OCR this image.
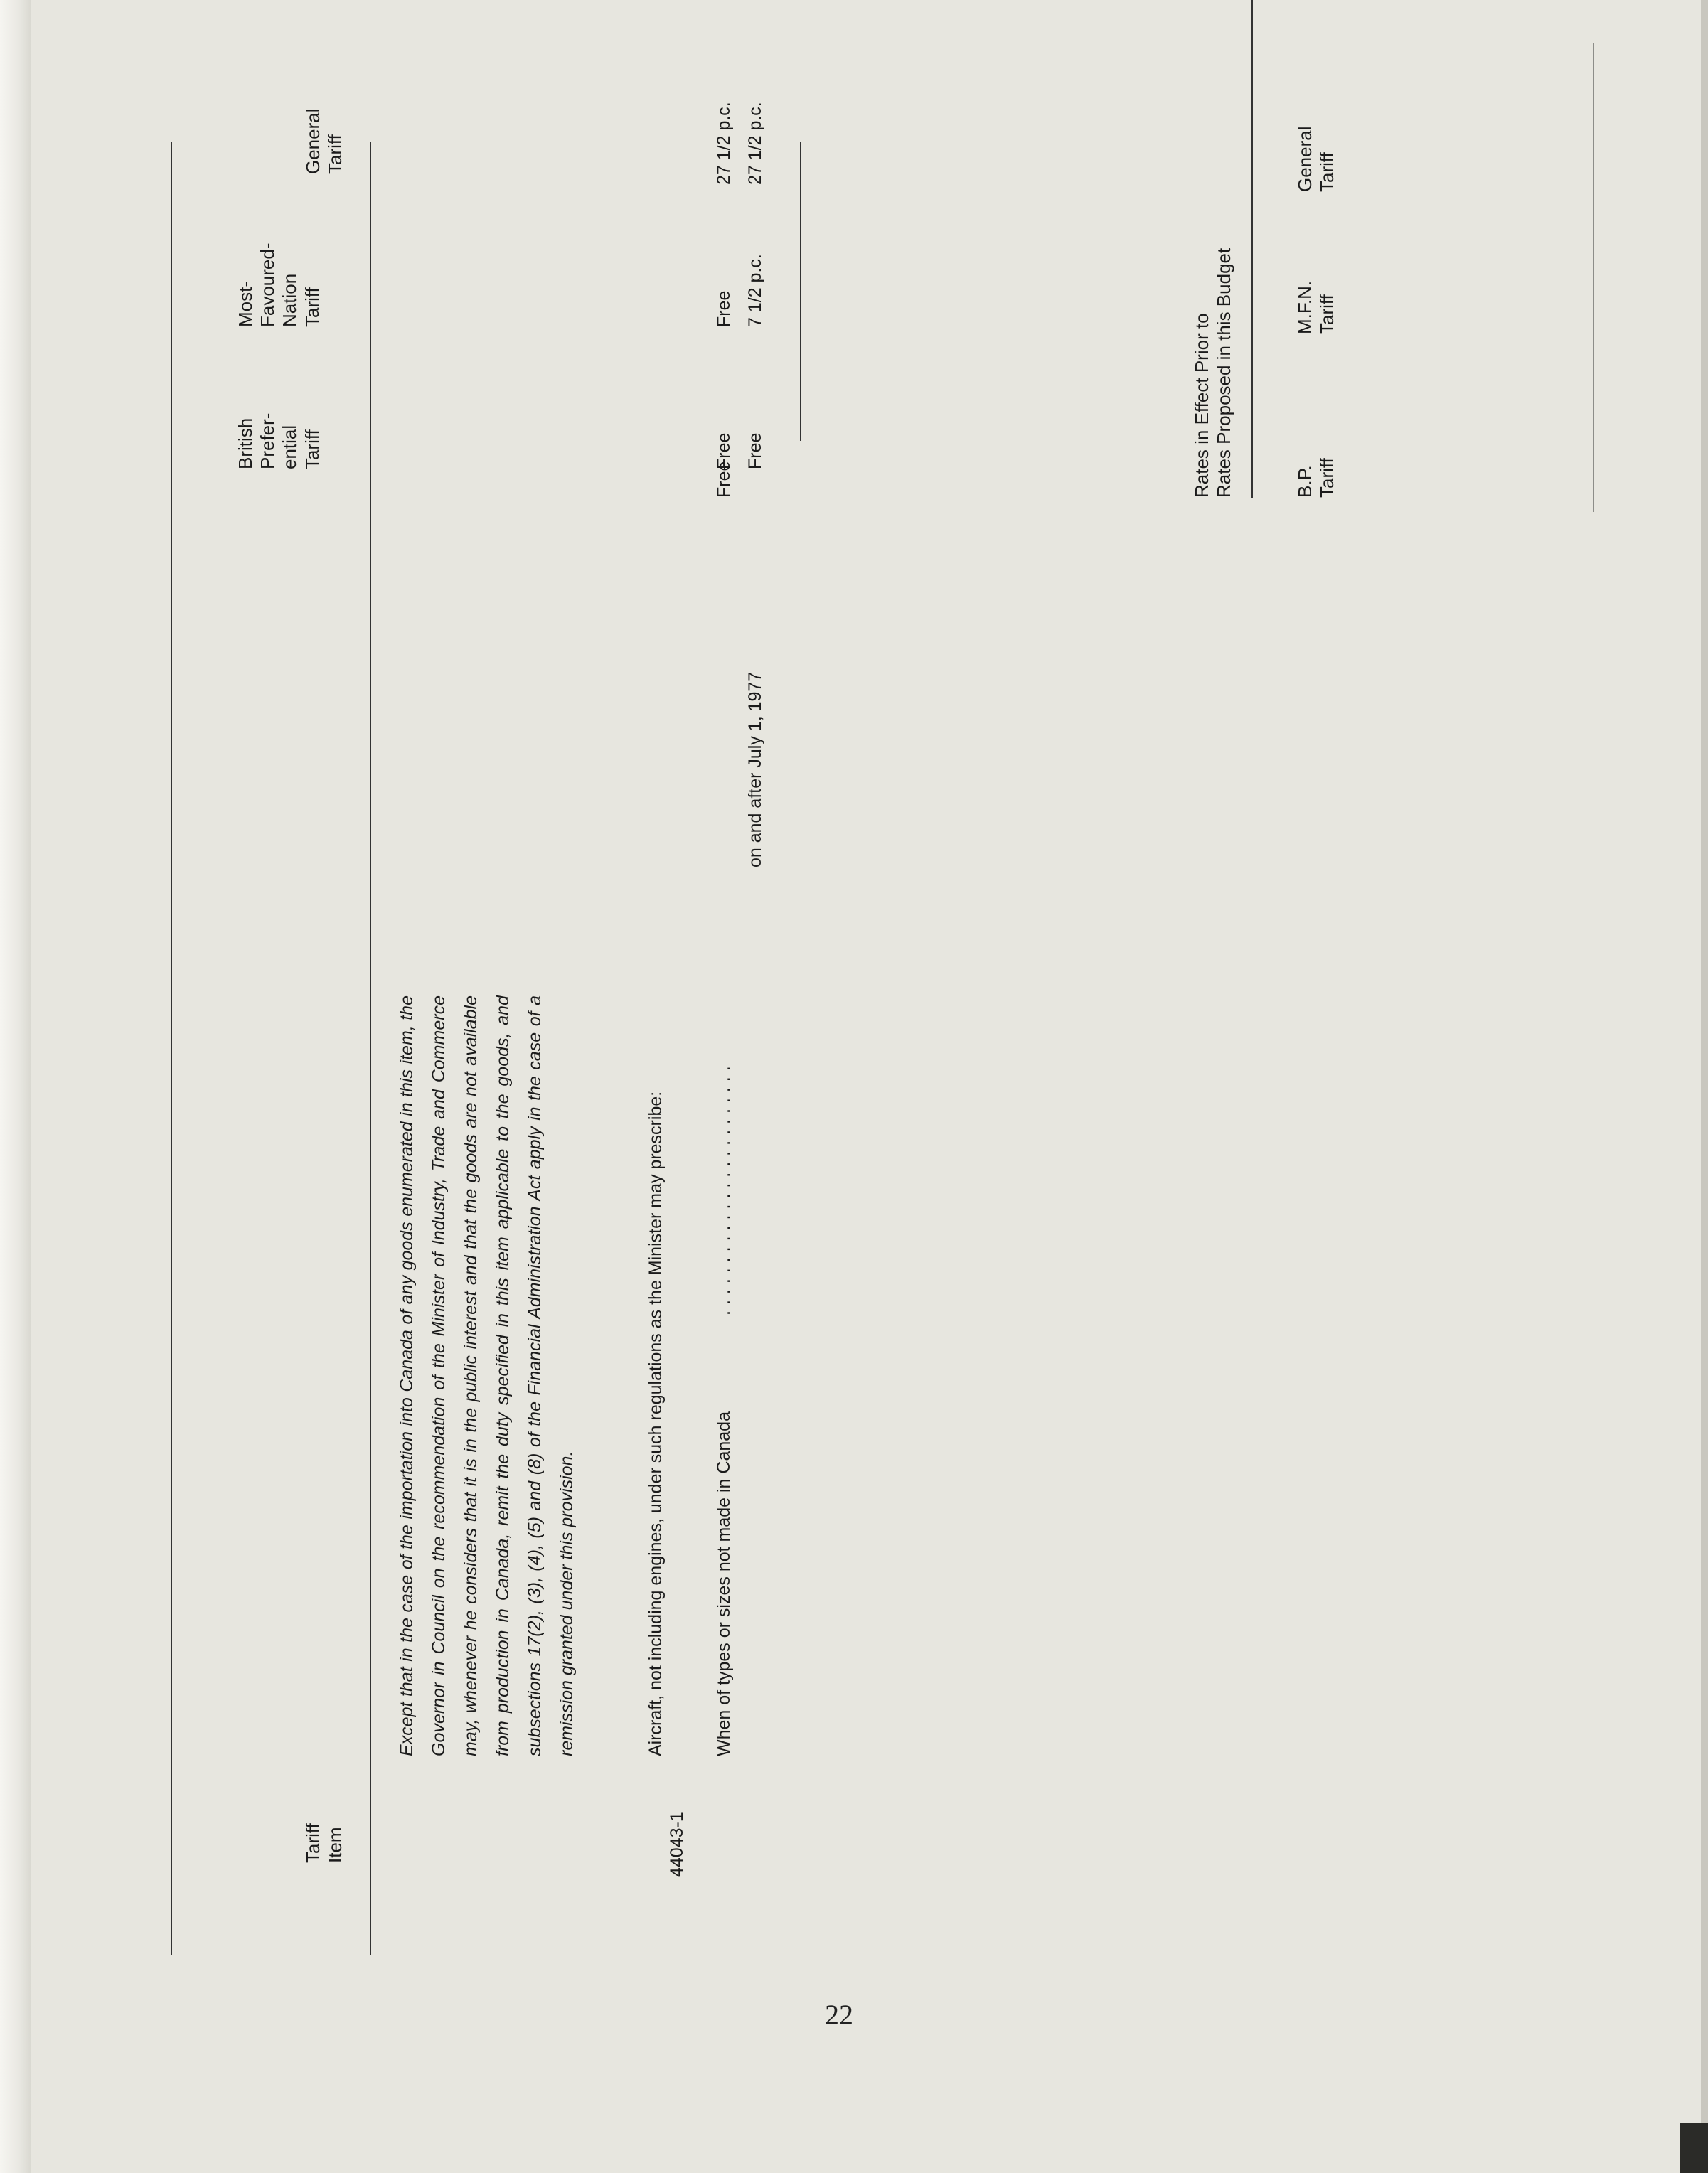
22
Tariff Item
British Prefer- ential Tariff
Most- Favoured- Nation Tariff
General Tariff
Rates in Effect Prior to Rates Proposed in this Budget	B.P. Tariff
M.F.N. Tariff
General Tariff
Except that in the case of the importation into Canada of any goods enumerated in this item, the Governor in Council on the recommendation of the Minister of Industry, Trade and Commerce may, whenever he considers that it is in the public interest and that the goods are not available from production in Canada, remit the duty specified in this item applicable to the goods, and subsections 17(2), (3), (4), (5) and (8) of the Financial Administration Act apply in the case of a remission granted under this provision.
44043-1
Aircraft, not including engines, under such regulations as the Minister may prescribe:	When of types or sizes not made in Canada
........................
Free
Free
27 1/2 p.c.
Free
on and after July 1, 1977
Free
7 1/2 p.c.
27 1/2 p.c.
